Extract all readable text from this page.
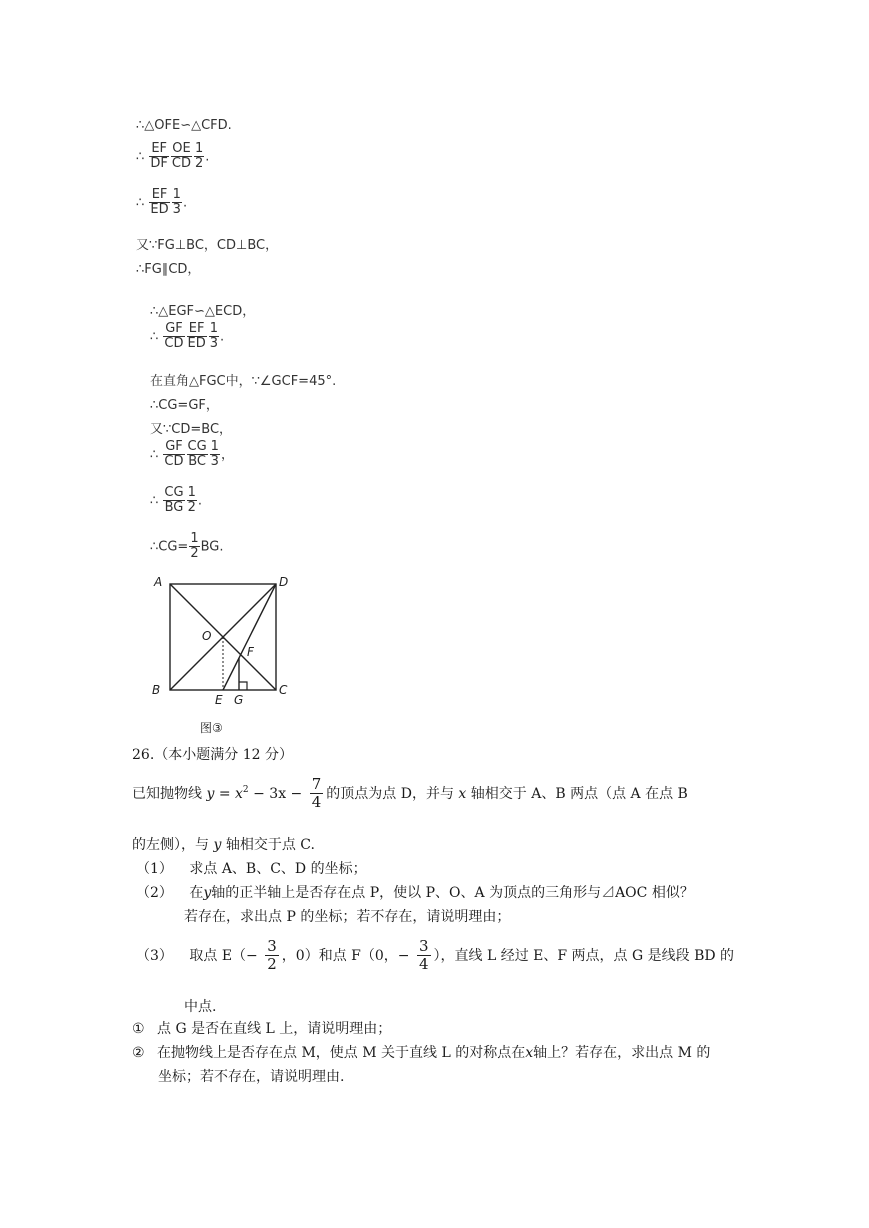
∴△OFE∽△CFD.
∴ $\frac{EF}{DF} \frac{OE}{CD} \frac{1}{2}$ .
∴ $\frac{EF}{ED} \frac{1}{3}$ .
又∵FG⊥BC，CD⊥BC，
∴FG∥CD，
∴△EGF∽△ECD，
∴ $\frac{GF}{CD} \frac{EF}{ED} \frac{1}{3}$ .
在直角△FGC中，∵∠GCF=45°.
∴CG=GF，
又∵CD=BC，
∴ $\frac{GF}{CD} \frac{CG}{BC} \frac{1}{3}$ ，
∴ $\frac{CG}{BG} \frac{1}{2}$ .
∴CG= $\frac{1}{2}$ BG.
A	D
O
F
B
E G
C
图③
26.（本小题满分 12 分）
已知抛物线 $y = x^2 - 3x - \frac{7}{4}$ 的顶点为点 D，并与 x 轴相交于 A、B 两点（点 A 在点 B
的左侧），与 y 轴相交于点 C.
（1） 求点 A、B、C、D 的坐标；
（2） 在y轴的正半轴上是否存在点 P，使以 P、O、A 为顶点的三角形与⊿AOC 相似？
若存在，求出点 P 的坐标；若不存在，请说明理由；
（3） 取点 $E(- \frac{3}{2}$ ，0）和点 F（0，− $\frac{3}{4}$ ），直线 L 经过 E、F 两点，点 G 是线段 BD 的
中点.
① 点 G 是否在直线 L 上，请说明理由；
② 在抛物线上是否存在点 M，使点 M 关于直线 L 的对称点在x轴上？若存在，求出点 M 的
坐标；若不存在，请说明理由.
